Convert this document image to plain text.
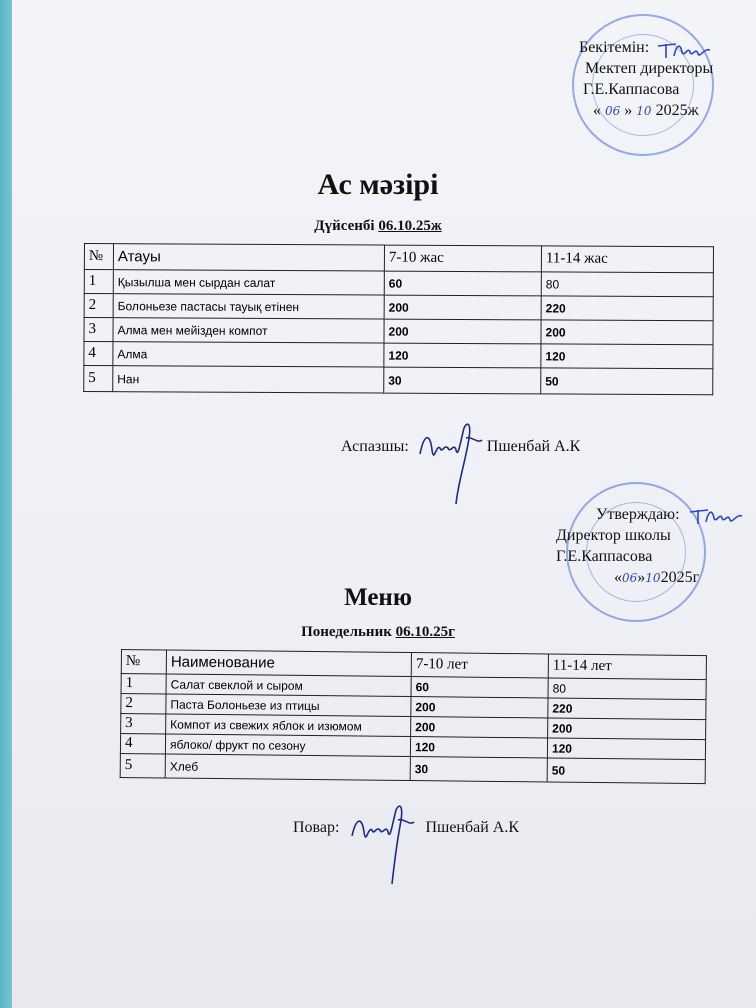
Бекітемін:
Мектеп директоры
Г.Е.Каппасова
« 06 » 10 2025ж
Ас мәзірі
Дүйсенбі 06.10.25ж
№	Атауы	7-10 жас	11-14 жас
1	Қызылша мен сырдан салат	60	80
2	Болоньезе пастасы тауық етінен	200	220
3	Алма мен мейізден компот	200	200
4	Алма	120	120
5	Нан	30	50
Аспазшы:	Пшенбай А.К
Утверждаю:
Директор школы
Г.Е.Каппасова
«06»102025г
Меню
Понедельник 06.10.25г
№	Наименование	7-10 лет	11-14 лет
1	Салат свеклой и сыром	60	80
2	Паста Болоньезе из птицы	200	220
3	Компот из свежих яблок и изюмом	200	200
4	яблоко/ фрукт по сезону	120	120
5	Хлеб	30	50
Повар:	Пшенбай А.К
